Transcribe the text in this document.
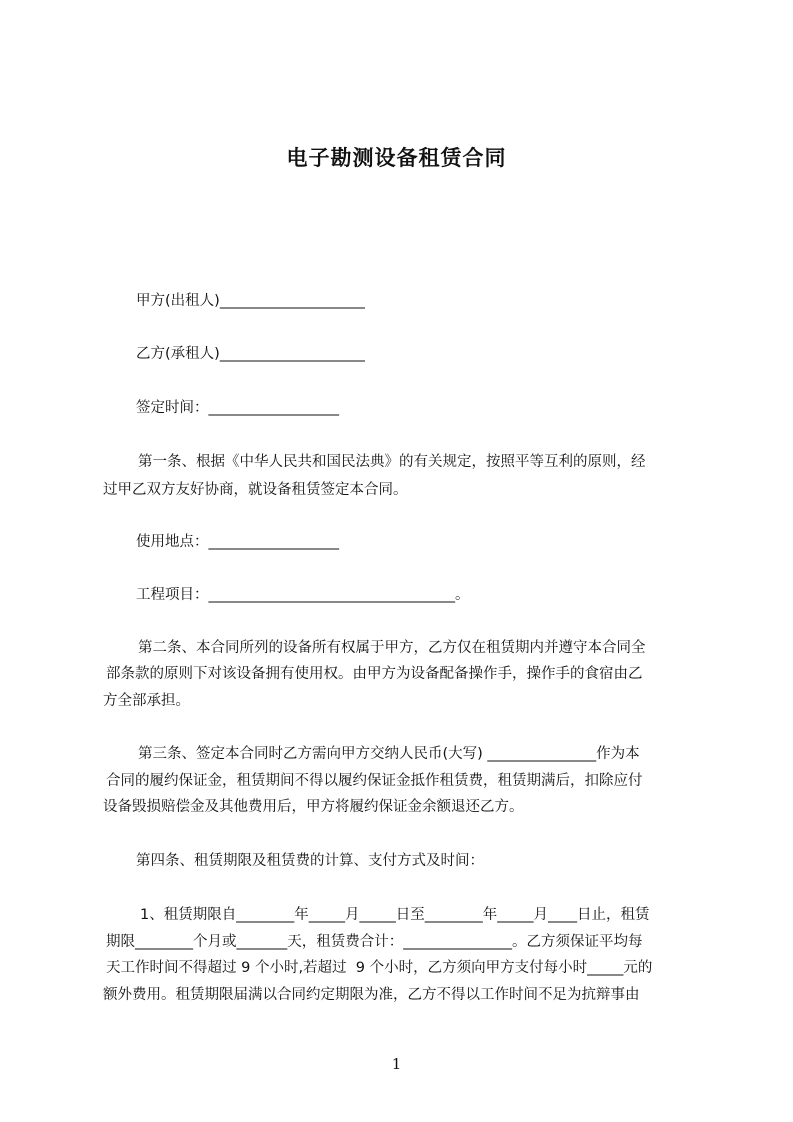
电子勘测设备租赁合同
甲方(出租人)____________________
乙方(承租人)____________________
签定时间：__________________
第一条、根据《中华人民共和国民法典》的有关规定，按照平等互利的原则，经
过甲乙双方友好协商，就设备租赁签定本合同。
使用地点：__________________
工程项目：__________________________________。
第二条、本合同所列的设备所有权属于甲方，乙方仅在租赁期内并遵守本合同全
部条款的原则下对该设备拥有使用权。由甲方为设备配备操作手，操作手的食宿由乙
方全部承担。
第三条、签定本合同时乙方需向甲方交纳人民币(大写) _______________作为本
合同的履约保证金，租赁期间不得以履约保证金抵作租赁费，租赁期满后，扣除应付
设备毁损赔偿金及其他费用后，甲方将履约保证金余额退还乙方。
第四条、租赁期限及租赁费的计算、支付方式及时间：
1、租赁期限自________年_____月_____日至________年_____月____日止，租赁
期限________个月或_______天，租赁费合计：_______________。乙方须保证平均每
天工作时间不得超过 9 个小时,若超过  9 个小时，乙方须向甲方支付每小时_____元的
额外费用。租赁期限届满以合同约定期限为准，乙方不得以工作时间不足为抗辩事由
1
